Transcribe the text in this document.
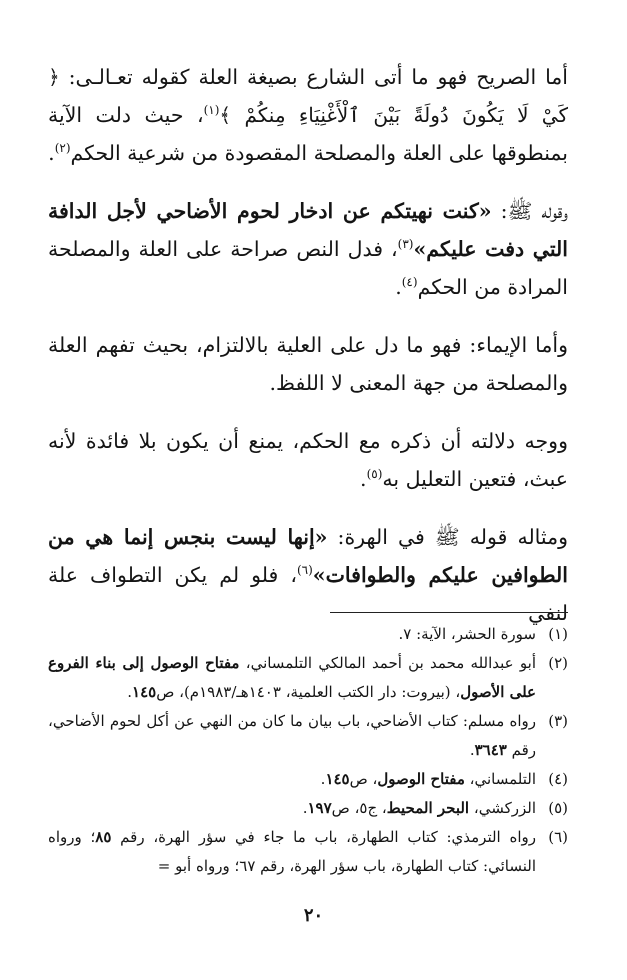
أما الصريح فهو ما أتى الشارع بصيغة العلة كقوله تعـالـى: ﴿ كَيْ لَا يَكُونَ دُولَةً بَيْنَ ٱلْأَغْنِيَاءِ مِنكُمْ ﴾$^{(١)}$، حيث دلت الآية بمنطوقها على العلة والمصلحة المقصودة من شرعية الحكم$^{(٢)}$.

وقوله ﷺ: «كنت نهيتكم عن ادخار لحوم الأضاحي لأجل الدافة التي دفت عليكم»$^{(٣)}$، فدل النص صراحة على العلة والمصلحة المرادة من الحكم$^{(٤)}$.

وأما الإيماء: فهو ما دل على العلية بالالتزام، بحيث تفهم العلة والمصلحة من جهة المعنى لا اللفظ.

ووجه دلالته أن ذكره مع الحكم، يمنع أن يكون بلا فائدة لأنه عبث، فتعين التعليل به$^{(٥)}$.

ومثاله قوله ﷺ في الهرة: «إنها ليست بنجس إنما هي من الطوافين عليكم والطوافات»$^{(٦)}$، فلو لم يكن التطواف علة لنفي

(١)
سورة الحشر، الآية: ٧.
(٢)
أبو عبدالله محمد بن أحمد المالكي التلمساني، مفتاح الوصول إلى بناء الفروع على الأصول، (بيروت: دار الكتب العلمية، ١٤٠٣هـ/١٩٨٣م)، ص١٤٥.
(٣)
رواه مسلم: كتاب الأضاحي، باب بيان ما كان من النهي عن أكل لحوم الأضاحي، رقم ٣٦٤٣.
(٤)
التلمساني، مفتاح الوصول، ص١٤٥.
(٥)
الزركشي، البحر المحيط، ج٥، ص١٩٧.
(٦)
رواه الترمذي: كتاب الطهارة، باب ما جاء في سؤر الهرة، رقم ٨٥؛ ورواه النسائي: كتاب الطهارة، باب سؤر الهرة، رقم ٦٧؛ ورواه أبو =
٢٠
